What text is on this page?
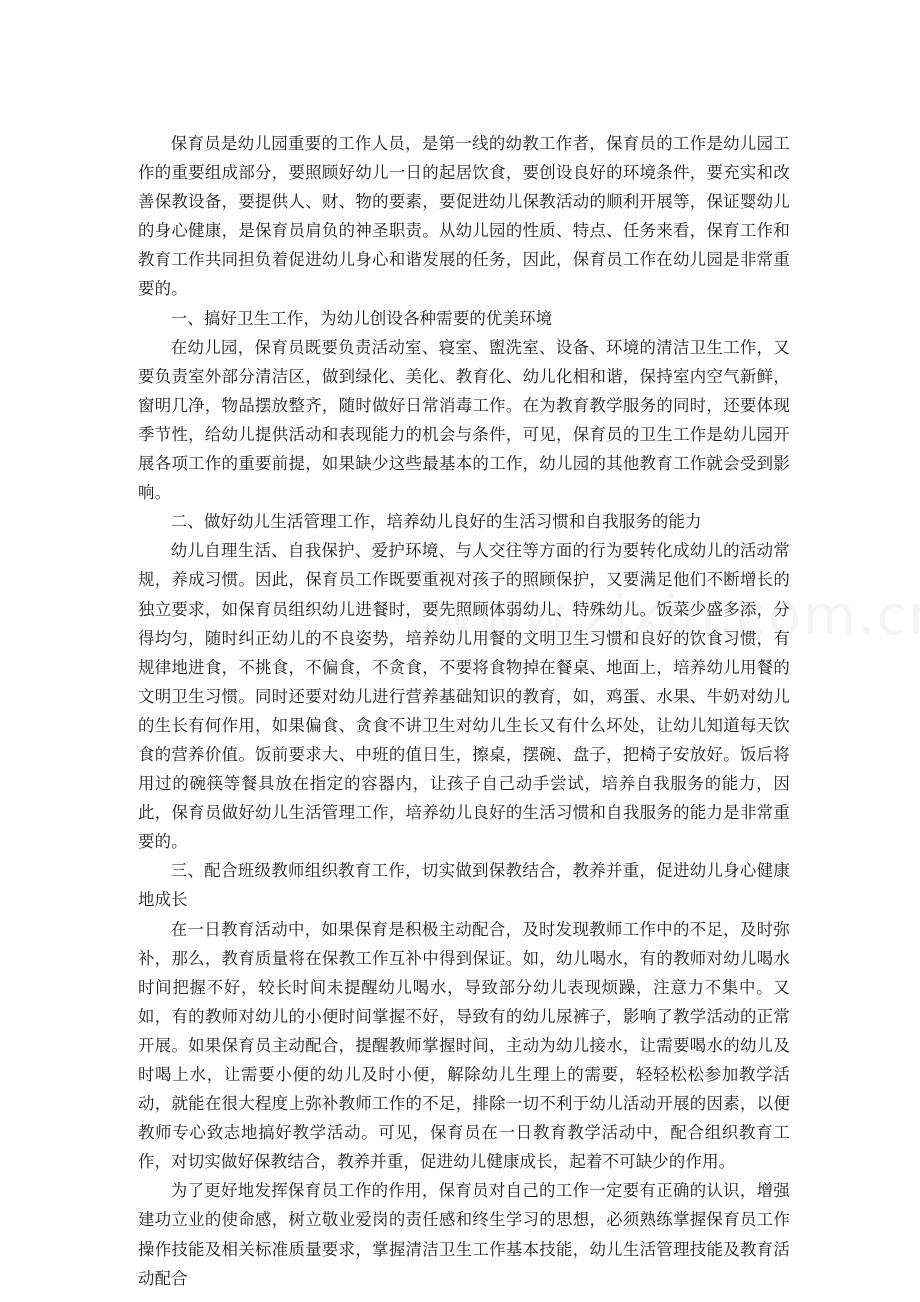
保育员是幼儿园重要的工作人员，是第一线的幼教工作者，保育员的工作是幼儿园工作的重要组成部分，要照顾好幼儿一日的起居饮食，要创设良好的环境条件，要充实和改善保教设备，要提供人、财、物的要素，要促进幼儿保教活动的顺利开展等，保证婴幼儿的身心健康，是保育员肩负的神圣职责。从幼儿园的性质、特点、任务来看，保育工作和教育工作共同担负着促进幼儿身心和谐发展的任务，因此，保育员工作在幼儿园是非常重要的。

一、搞好卫生工作，为幼儿创设各种需要的优美环境

在幼儿园，保育员既要负责活动室、寝室、盥洗室、设备、环境的清洁卫生工作，又要负责室外部分清洁区，做到绿化、美化、教育化、幼儿化相和谐，保持室内空气新鲜，窗明几净，物品摆放整齐，随时做好日常消毒工作。在为教育教学服务的同时，还要体现季节性，给幼儿提供活动和表现能力的机会与条件，可见，保育员的卫生工作是幼儿园开展各项工作的重要前提，如果缺少这些最基本的工作，幼儿园的其他教育工作就会受到影响。

二、做好幼儿生活管理工作，培养幼儿良好的生活习惯和自我服务的能力

幼儿自理生活、自我保护、爱护环境、与人交往等方面的行为要转化成幼儿的活动常规，养成习惯。因此，保育员工作既要重视对孩子的照顾保护，又要满足他们不断增长的独立要求，如保育员组织幼儿进餐时，要先照顾体弱幼儿、特殊幼儿。饭菜少盛多添，分得均匀，随时纠正幼儿的不良姿势，培养幼儿用餐的文明卫生习惯和良好的饮食习惯，有规律地进食，不挑食，不偏食，不贪食，不要将食物掉在餐桌、地面上，培养幼儿用餐的文明卫生习惯。同时还要对幼儿进行营养基础知识的教育，如，鸡蛋、水果、牛奶对幼儿的生长有何作用，如果偏食、贪食不讲卫生对幼儿生长又有什么坏处，让幼儿知道每天饮食的营养价值。饭前要求大、中班的值日生，擦桌，摆碗、盘子，把椅子安放好。饭后将用过的碗筷等餐具放在指定的容器内，让孩子自己动手尝试，培养自我服务的能力，因此，保育员做好幼儿生活管理工作，培养幼儿良好的生活习惯和自我服务的能力是非常重要的。

三、配合班级教师组织教育工作，切实做到保教结合，教养并重，促进幼儿身心健康地成长

在一日教育活动中，如果保育是积极主动配合，及时发现教师工作中的不足，及时弥补，那么，教育质量将在保教工作互补中得到保证。如，幼儿喝水，有的教师对幼儿喝水时间把握不好，较长时间未提醒幼儿喝水，导致部分幼儿表现烦躁，注意力不集中。又如，有的教师对幼儿的小便时间掌握不好，导致有的幼儿尿裤子，影响了教学活动的正常开展。如果保育员主动配合，提醒教师掌握时间，主动为幼儿接水，让需要喝水的幼儿及时喝上水，让需要小便的幼儿及时小便，解除幼儿生理上的需要，轻轻松松参加教学活动，就能在很大程度上弥补教师工作的不足，排除一切不利于幼儿活动开展的因素，以便教师专心致志地搞好教学活动。可见，保育员在一日教育教学活动中，配合组织教育工作，对切实做好保教结合，教养并重，促进幼儿健康成长，起着不可缺少的作用。

为了更好地发挥保育员工作的作用，保育员对自己的工作一定要有正确的认识，增强建功立业的使命感，树立敬业爱岗的责任感和终生学习的思想，必须熟练掌握保育员工作操作技能及相关标准质量要求，掌握清洁卫生工作基本技能，幼儿生活管理技能及教育活动配合
